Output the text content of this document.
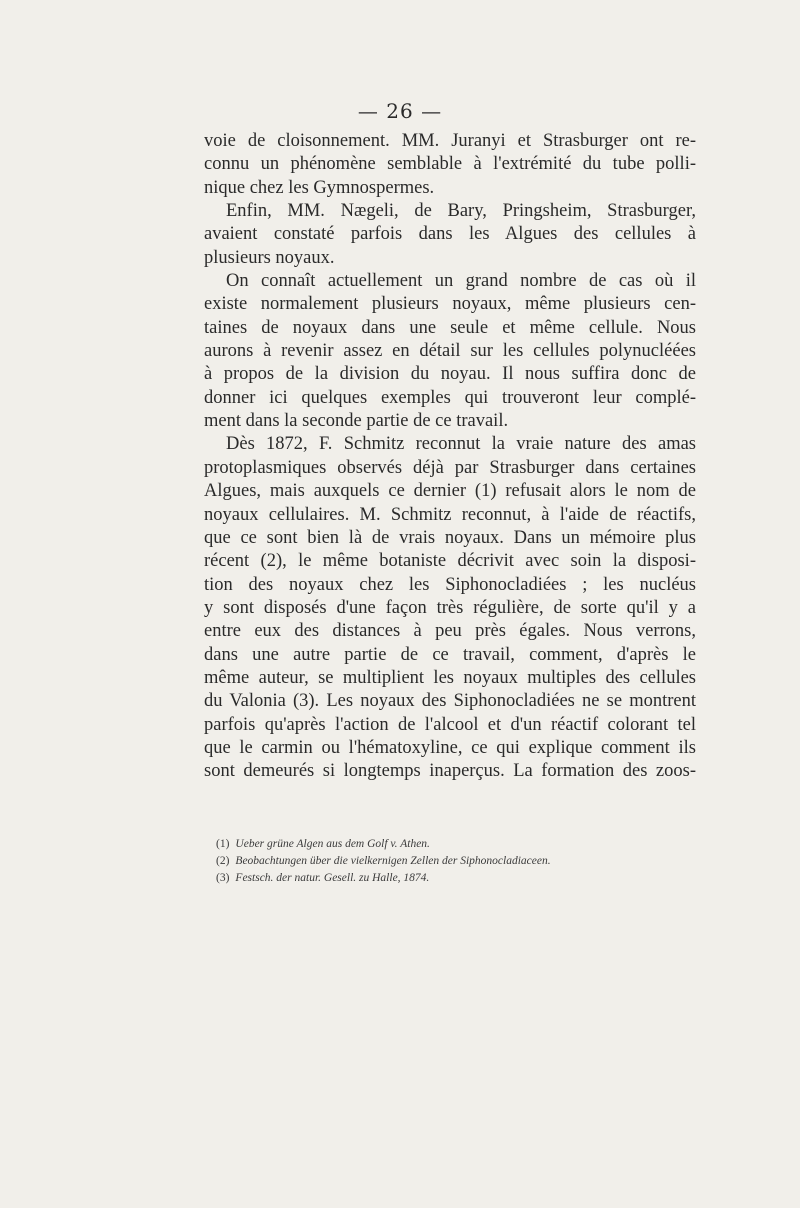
— 26 —
voie de cloisonnement. MM. Juranyi et Strasburger ont re-
connu un phénomène semblable à l'extrémité du tube polli-
nique chez les Gymnospermes.
Enfin, MM. Nægeli, de Bary, Pringsheim, Strasburger,
avaient constaté parfois dans les Algues des cellules à
plusieurs noyaux.
On connaît actuellement un grand nombre de cas où il
existe normalement plusieurs noyaux, même plusieurs cen-
taines de noyaux dans une seule et même cellule. Nous
aurons à revenir assez en détail sur les cellules polynucléées
à propos de la division du noyau. Il nous suffira donc de
donner ici quelques exemples qui trouveront leur complé-
ment dans la seconde partie de ce travail.
Dès 1872, F. Schmitz reconnut la vraie nature des amas
protoplasmiques observés déjà par Strasburger dans certaines
Algues, mais auxquels ce dernier (1) refusait alors le nom de
noyaux cellulaires. M. Schmitz reconnut, à l'aide de réactifs,
que ce sont bien là de vrais noyaux. Dans un mémoire plus
récent (2), le même botaniste décrivit avec soin la disposi-
tion des noyaux chez les Siphonocladiées ; les nucléus
y sont disposés d'une façon très régulière, de sorte qu'il y a
entre eux des distances à peu près égales. Nous verrons,
dans une autre partie de ce travail, comment, d'après le
même auteur, se multiplient les noyaux multiples des cellules
du Valonia (3). Les noyaux des Siphonocladiées ne se montrent
parfois qu'après l'action de l'alcool et d'un réactif colorant tel
que le carmin ou l'hématoxyline, ce qui explique comment ils
sont demeurés si longtemps inaperçus. La formation des zoos-
(1) Ueber grüne Algen aus dem Golf v. Athen.
(2) Beobachtungen über die vielkernigen Zellen der Siphonocladiaceen.
(3) Festsch. der natur. Gesell. zu Halle, 1874.
